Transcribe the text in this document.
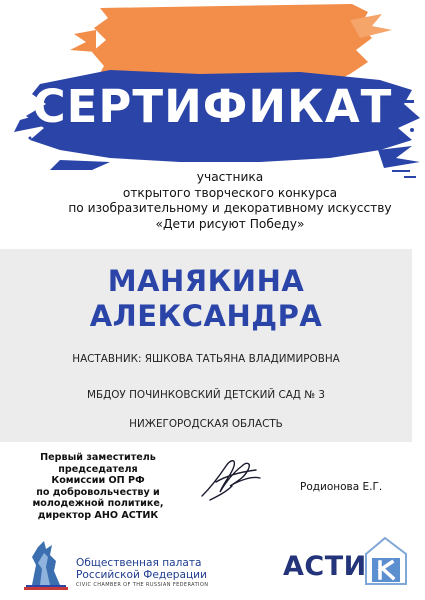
СЕРТИФИКАТ
участника
открытого творческого конкурса
по изобразительному и декоративному искусству
«Дети рисуют Победу»
МАНЯКИНА
АЛЕКСАНДРА
НАСТАВНИК: ЯШКОВА ТАТЬЯНА ВЛАДИМИРОВНА
МБДОУ ПОЧИНКОВСКИЙ ДЕТСКИЙ САД № 3
НИЖЕГОРОДСКАЯ ОБЛАСТЬ
Первый заместитель
председателя
Комиссии ОП РФ
по добровольчеству и
молодежной политике,
директор АНО АСТИК
Родионова Е.Г.
Общественная палата
Российской Федерации
CIVIC CHAMBER OF THE RUSSIAN FEDERATION
АСТИ
